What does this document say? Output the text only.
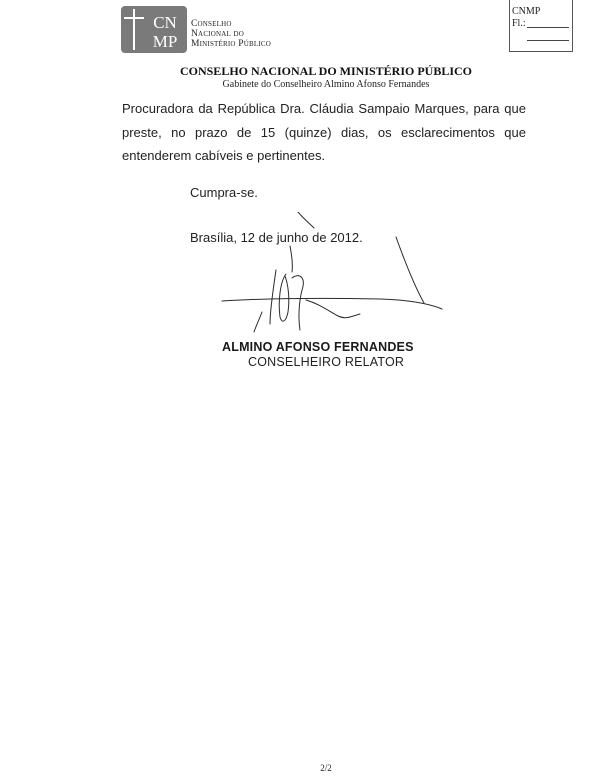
CN
MP
Conselho
Nacional do
Ministério Público
CNMP
Fl.:
CONSELHO NACIONAL DO MINISTÉRIO PÚBLICO
Gabinete do Conselheiro Almino Afonso Fernandes
Procuradora da República Dra. Cláudia Sampaio Marques, para que
preste, no prazo de 15 (quinze) dias, os esclarecimentos que
entenderem cabíveis e pertinentes.
Cumpra-se.
Brasília, 12 de junho de 2012.
ALMINO AFONSO FERNANDES
CONSELHEIRO RELATOR
2/2
